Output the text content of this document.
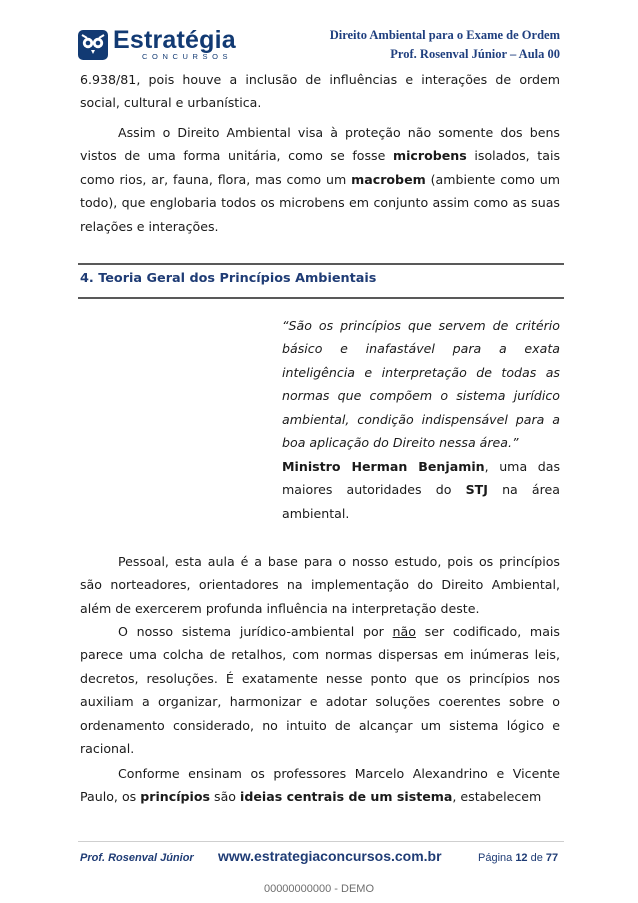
Estratégia
CONCURSOS
Direito Ambiental para o Exame de Ordem
Prof. Rosenval Júnior – Aula 00

6.938/81, pois houve a inclusão de influências e interações de ordem social, cultural e urbanística.

Assim o Direito Ambiental visa à proteção não somente dos bens vistos de uma forma unitária, como se fosse microbens isolados, tais como rios, ar, fauna, flora, mas como um macrobem (ambiente como um todo), que englobaria todos os microbens em conjunto assim como as suas relações e interações.

4. Teoria Geral dos Princípios Ambientais

“São os princípios que servem de critério básico e inafastável para a exata inteligência e interpretação de todas as normas que compõem o sistema jurídico ambiental, condição indispensável para a boa aplicação do Direito nessa área.”

Ministro Herman Benjamin, uma das maiores autoridades do STJ na área ambiental.

Pessoal, esta aula é a base para o nosso estudo, pois os princípios são norteadores, orientadores na implementação do Direito Ambiental, além de exercerem profunda influência na interpretação deste.

O nosso sistema jurídico-ambiental por não ser codificado, mais parece uma colcha de retalhos, com normas dispersas em inúmeras leis, decretos, resoluções. É exatamente nesse ponto que os princípios nos auxiliam a organizar, harmonizar e adotar soluções coerentes sobre o ordenamento considerado, no intuito de alcançar um sistema lógico e racional.

Conforme ensinam os professores Marcelo Alexandrino e Vicente Paulo, os princípios são ideias centrais de um sistema, estabelecem

Prof. Rosenval Júnior www.estrategiaconcursos.com.br	Página 12 de 77
00000000000 - DEMO
